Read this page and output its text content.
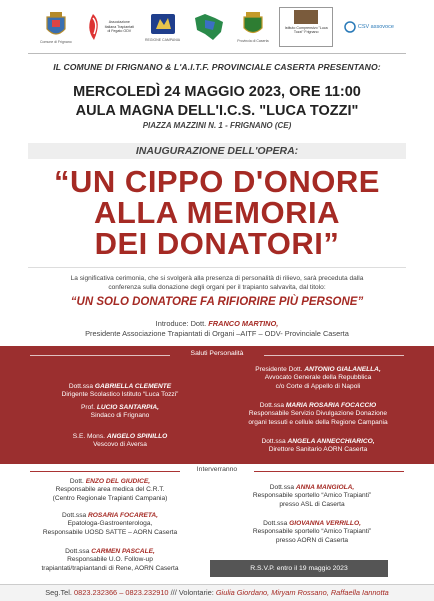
Comune di Frignano
Associazione Italiana Trapiantati di Fegato ODV
REGIONE CAMPANIA	Provincia di Caserta
Istituto Comprensivo "Luca Tozzi" Frignano
CSV assovoce
IL COMUNE DI FRIGNANO & L'A.I.T.F. PROVINCIALE CASERTA PRESENTANO:
MERCOLEDÌ 24 MAGGIO 2023, ORE 11:00
AULA MAGNA DELL'I.C.S. "LUCA TOZZI"
PIAZZA MAZZINI N. 1 - FRIGNANO (CE)
INAUGURAZIONE DELL'OPERA:
“UN CIPPO D'ONORE
ALLA MEMORIA
DEI DONATORI”
La significativa cerimonia, che si svolgerà alla presenza di personalità di rilievo, sarà preceduta dalla
conferenza sulla donazione degli organi per il trapianto salvavita, dal titolo:
“UN SOLO DONATORE FA RIFIORIRE PIÙ PERSONE”
Introduce: Dott. FRANCO MARTINO,
Presidente Associazione Trapiantati di Organi –AITF – ODV- Provinciale Caserta
Saluti Personalità
Dott.ssa GABRIELLA CLEMENTE
Dirigente Scolastico Istituto “Luca Tozzi”
Prof. LUCIO SANTARPIA,
Sindaco di Frignano
S.E. Mons. ANGELO SPINILLO
Vescovo di Aversa
Presidente Dott. ANTONIO GIALANELLA,
Avvocato Generale della Repubblica
c/o Corte di Appello di Napoli
Dott.ssa MARIA ROSARIA FOCACCIO
Responsabile Servizio Divulgazione Donazione
organi tessuti e cellule della Regione Campania
Dott.ssa ANGELA ANNECCHIARICO,
Direttore Sanitario AORN Caserta
Interverranno
Dott. ENZO DEL GIUDICE,
Responsabile area medica del C.R.T.
(Centro Regionale Trapianti Campania)
Dott.ssa ROSARIA FOCARETA,
Epatologa-Gastroenterologa,
Responsabile UOSD SATTE – AORN Caserta
Dott.ssa CARMEN PASCALE,
Responsabile U.O. Follow-up
trapiantati/trapiantandi di Rene, AORN Caserta
Dott.ssa ANNA MANGIOLA,
Responsabile sportello “Amico Trapianti”
presso ASL di Caserta
Dott.ssa GIOVANNA VERRILLO,
Responsabile sportello “Amico Trapianti”
presso AORN di Caserta
R.S.V.P. entro il 19 maggio 2023
Seg.Tel. 0823.232366 – 0823.232910 /// Volontarie: Giulia Giordano, Miryam Rossano, Raffaella Iannotta
